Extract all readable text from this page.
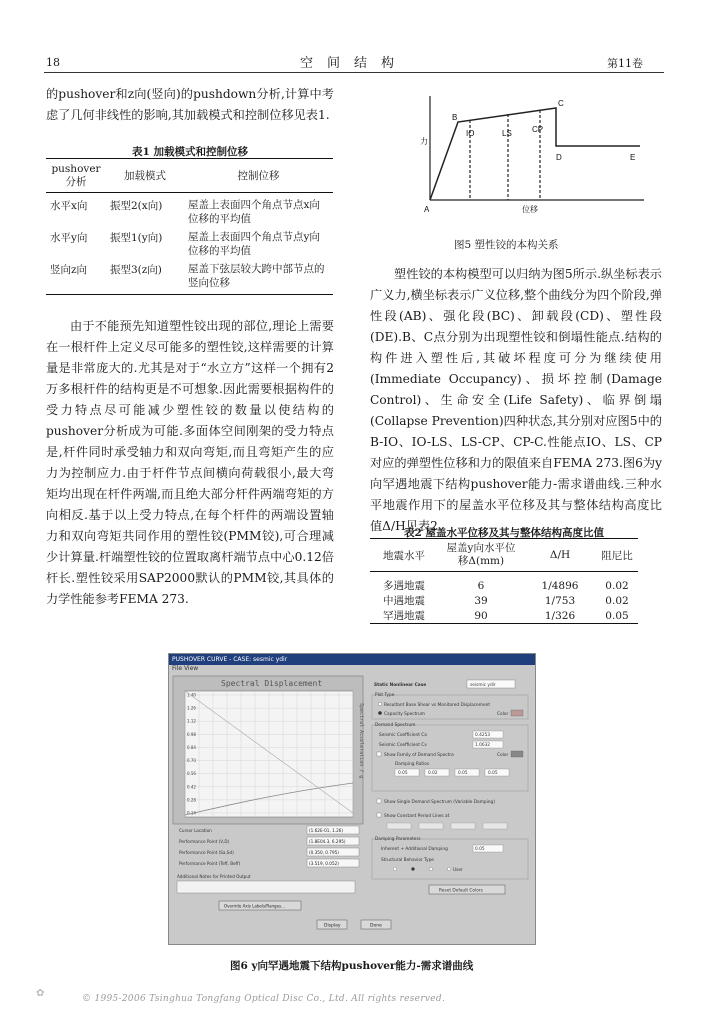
18	空间结构	第11卷
的pushover和z向(竖向)的pushdown分析,计算中考虑了几何非线性的影响,其加载模式和控制位移见表1.
表1 加载模式和控制位移
pushover 分析	加载模式	控制位移
水平x向	振型2(x向)	屋盖上表面四个角点节点x向位移的平均值
水平y向	振型1(y向)	屋盖上表面四个角点节点y向位移的平均值
竖向z向	振型3(z向)	屋盖下弦层较大跨中部节点的竖向位移
由于不能预先知道塑性铰出现的部位,理论上需要在一根杆件上定义尽可能多的塑性铰,这样需要的计算量是非常庞大的.尤其是对于“水立方”这样一个拥有2万多根杆件的结构更是不可想象.因此需要根据构件的受力特点尽可能减少塑性铰的数量以使结构的pushover分析成为可能.多面体空间刚架的受力特点是,杆件同时承受轴力和双向弯矩,而且弯矩产生的应力为控制应力.由于杆件节点间横向荷载很小,最大弯矩均出现在杆件两端,而且绝大部分杆件两端弯矩的方向相反.基于以上受力特点,在每个杆件的两端设置轴力和双向弯矩共同作用的塑性铰(PMM铰),可合理减少计算量.杆端塑性铰的位置取离杆端节点中心0.12倍杆长.塑性铰采用SAP2000默认的PMM铰,其具体的力学性能参考FEMA 273.
A
B
C
D	E
IO	LS	CP
位移
力
图5 塑性铰的本构关系
塑性铰的本构模型可以归纳为图5所示.纵坐标表示广义力,横坐标表示广义位移,整个曲线分为四个阶段,弹性段(AB)、强化段(BC)、卸载段(CD)、塑性段(DE).B、C点分别为出现塑性铰和倒塌性能点.结构的构件进入塑性后,其破坏程度可分为继续使用(Immediate Occupancy)、损坏控制(Damage Control)、生命安全(Life Safety)、临界倒塌(Collapse Prevention)四种状态,其分别对应图5中的B-IO、IO-LS、LS-CP、CP-C.性能点IO、LS、CP对应的弹塑性位移和力的限值来自FEMA 273.图6为y向罕遇地震下结构pushover能力-需求谱曲线.三种水平地震作用下的屋盖水平位移及其与整体结构高度比值Δ/H见表2.
表2 屋盖水平位移及其与整体结构高度比值
地震水平	屋盖y向水平位移Δ(mm)	Δ/H	阻尼比
多遇地震	6	1/4896	0.02
中遇地震	39	1/753	0.02
罕遇地震	90	1/326	0.05
PUSHOVER CURVE - CASE: sesmic ydir
File View
Spectral Displacement
1.40
1.26
1.12
0.98
0.84
0.70
0.56
0.42
0.28
0.14
Spectral Acceleration / g
Cursor Location
Performance Point (V,D)
Performance Point (Sa,Sd)
Performance Point (Teff, Beff)
(1.62E-01, 1.26)
(1.8E04.3, 6.295)
(0.350, 0.795)
(3.519, 0.052)
Additional Notes for Printed Output
Override Axis Labels/Ranges...
Display	Done
Static Nonlinear Case	seismic ydir
Plot Type
Resultant Base Shear vs Monitored Displacement
Capacity Spectrum	Color
Demand Spectrum
Seismic Coefficient Ca	0.4253
Seismic Coefficient Cv	1.0632
Show Family of Demand Spectra	Color
Damping Ratios
0.05	0.02	0.05	0.05
Show Single Demand Spectrum (Variable Damping)
Show Constant Period Lines at
Damping Parameters
Inherent + Additional Damping	0.05
Structural Behavior Type
User
Reset Default Colors
图6 y向罕遇地震下结构pushover能力-需求谱曲线
✿	© 1995-2006 Tsinghua Tongfang Optical Disc Co., Ltd. All rights reserved.
